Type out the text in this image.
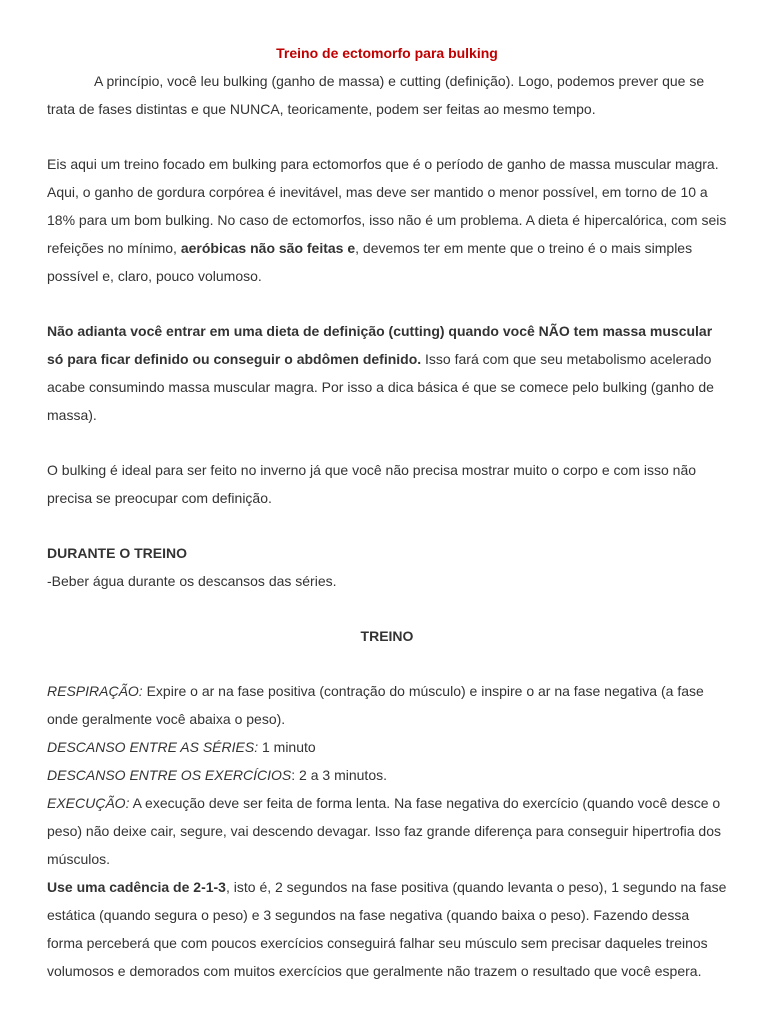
Treino de ectomorfo para bulking

A princípio, você leu bulking (ganho de massa) e cutting (definição). Logo, podemos prever que se trata de fases distintas e que NUNCA, teoricamente, podem ser feitas ao mesmo tempo.

Eis aqui um treino focado em bulking para ectomorfos que é o período de ganho de massa muscular magra. Aqui, o ganho de gordura corpórea é inevitável, mas deve ser mantido o menor possível, em torno de 10 a 18% para um bom bulking. No caso de ectomorfos, isso não é um problema. A dieta é hipercalórica, com seis refeições no mínimo, aeróbicas não são feitas e, devemos ter em mente que o treino é o mais simples possível e, claro, pouco volumoso.

Não adianta você entrar em uma dieta de definição (cutting) quando você NÃO tem massa muscular só para ficar definido ou conseguir o abdômen definido. Isso fará com que seu metabolismo acelerado acabe consumindo massa muscular magra. Por isso a dica básica é que se comece pelo bulking (ganho de massa).

O bulking é ideal para ser feito no inverno já que você não precisa mostrar muito o corpo e com isso não precisa se preocupar com definição.

DURANTE O TREINO

-Beber água durante os descansos das séries.

TREINO

RESPIRAÇÃO: Expire o ar na fase positiva (contração do músculo) e inspire o ar na fase negativa (a fase onde geralmente você abaixa o peso).

DESCANSO ENTRE AS SÉRIES: 1 minuto

DESCANSO ENTRE OS EXERCÍCIOS: 2 a 3 minutos.

EXECUÇÃO: A execução deve ser feita de forma lenta. Na fase negativa do exercício (quando você desce o peso) não deixe cair, segure, vai descendo devagar. Isso faz grande diferença para conseguir hipertrofia dos músculos.

Use uma cadência de 2-1-3, isto é, 2 segundos na fase positiva (quando levanta o peso), 1 segundo na fase estática (quando segura o peso) e 3 segundos na fase negativa (quando baixa o peso). Fazendo dessa forma perceberá que com poucos exercícios conseguirá falhar seu músculo sem precisar daqueles treinos volumosos e demorados com muitos exercícios que geralmente não trazem o resultado que você espera.
